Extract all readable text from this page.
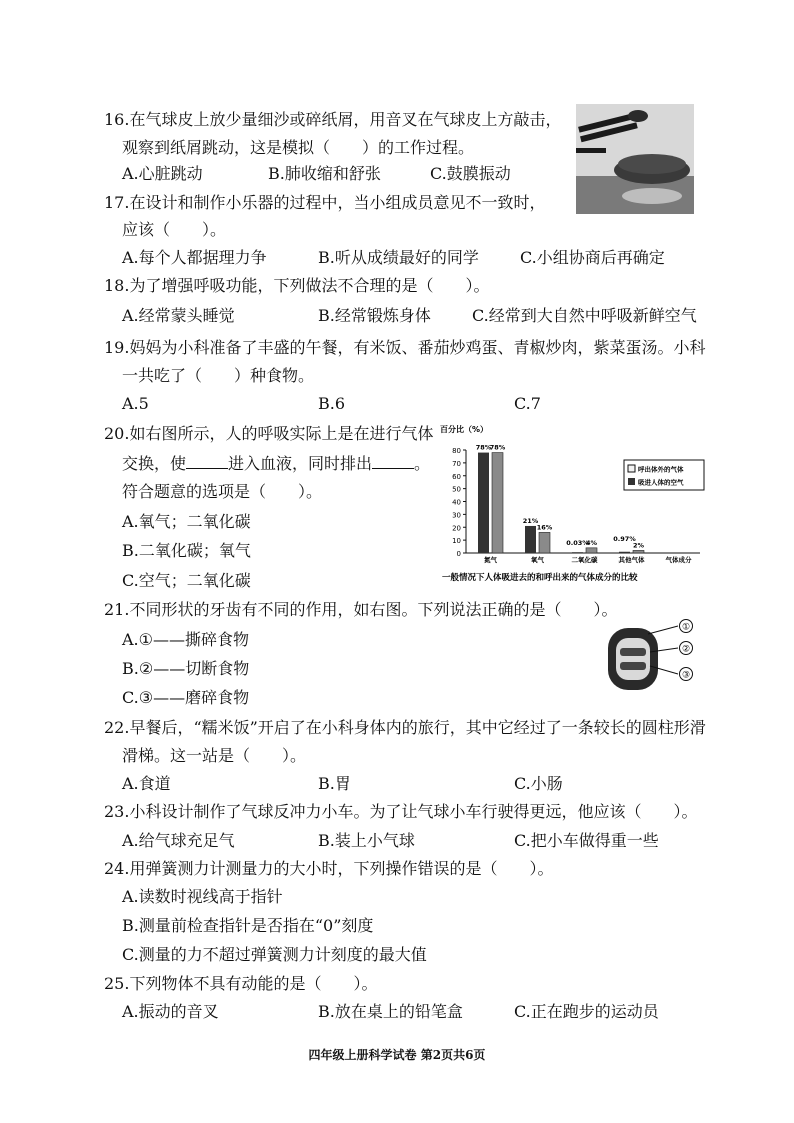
16.在气球皮上放少量细沙或碎纸屑，用音叉在气球皮上方敲击，
观察到纸屑跳动，这是模拟（　　）的工作过程。
A.心脏跳动	B.肺收缩和舒张	C.鼓膜振动
17.在设计和制作小乐器的过程中，当小组成员意见不一致时，
应该（　　）。
A.每个人都据理力争	B.听从成绩最好的同学	C.小组协商后再确定
18.为了增强呼吸功能，下列做法不合理的是（　　）。
A.经常蒙头睡觉	B.经常锻炼身体	C.经常到大自然中呼吸新鲜空气
19.妈妈为小科准备了丰盛的午餐，有米饭、番茄炒鸡蛋、青椒炒肉，紫菜蛋汤。小科
一共吃了（　　）种食物。
A.5	B.6	C.7
20.如右图所示，人的呼吸实际上是在进行气体
交换，使	进入血液，同时排出	。
符合题意的选项是（　　）。
A.氧气；二氧化碳
B.二氧化碳；氧气
C.空气；二氧化碳
百分比（%）
0
10
20
30
40
50
60
70
80 78%
78%
21%
16%
0.03%
4% 0.97%
2%
氮气	氧气	二氧化碳	其他气体	气体成分
呼出体外的气体
吸进人体的空气
一般情况下人体吸进去的和呼出来的气体成分的比较
21.不同形状的牙齿有不同的作用，如右图。下列说法正确的是（　　）。
A.①——撕碎食物
B.②——切断食物
C.③——磨碎食物
①
②
③
22.早餐后，“糯米饭”开启了在小科身体内的旅行，其中它经过了一条较长的圆柱形滑
滑梯。这一站是（　　）。
A.食道	B.胃	C.小肠
23.小科设计制作了气球反冲力小车。为了让气球小车行驶得更远，他应该（　　）。
A.给气球充足气	B.装上小气球	C.把小车做得重一些
24.用弹簧测力计测量力的大小时，下列操作错误的是（　　）。
A.读数时视线高于指针
B.测量前检查指针是否指在“0”刻度
C.测量的力不超过弹簧测力计刻度的最大值
25.下列物体不具有动能的是（　　）。
A.振动的音叉	B.放在桌上的铅笔盒	C.正在跑步的运动员
四年级上册科学试卷 第2页共6页
